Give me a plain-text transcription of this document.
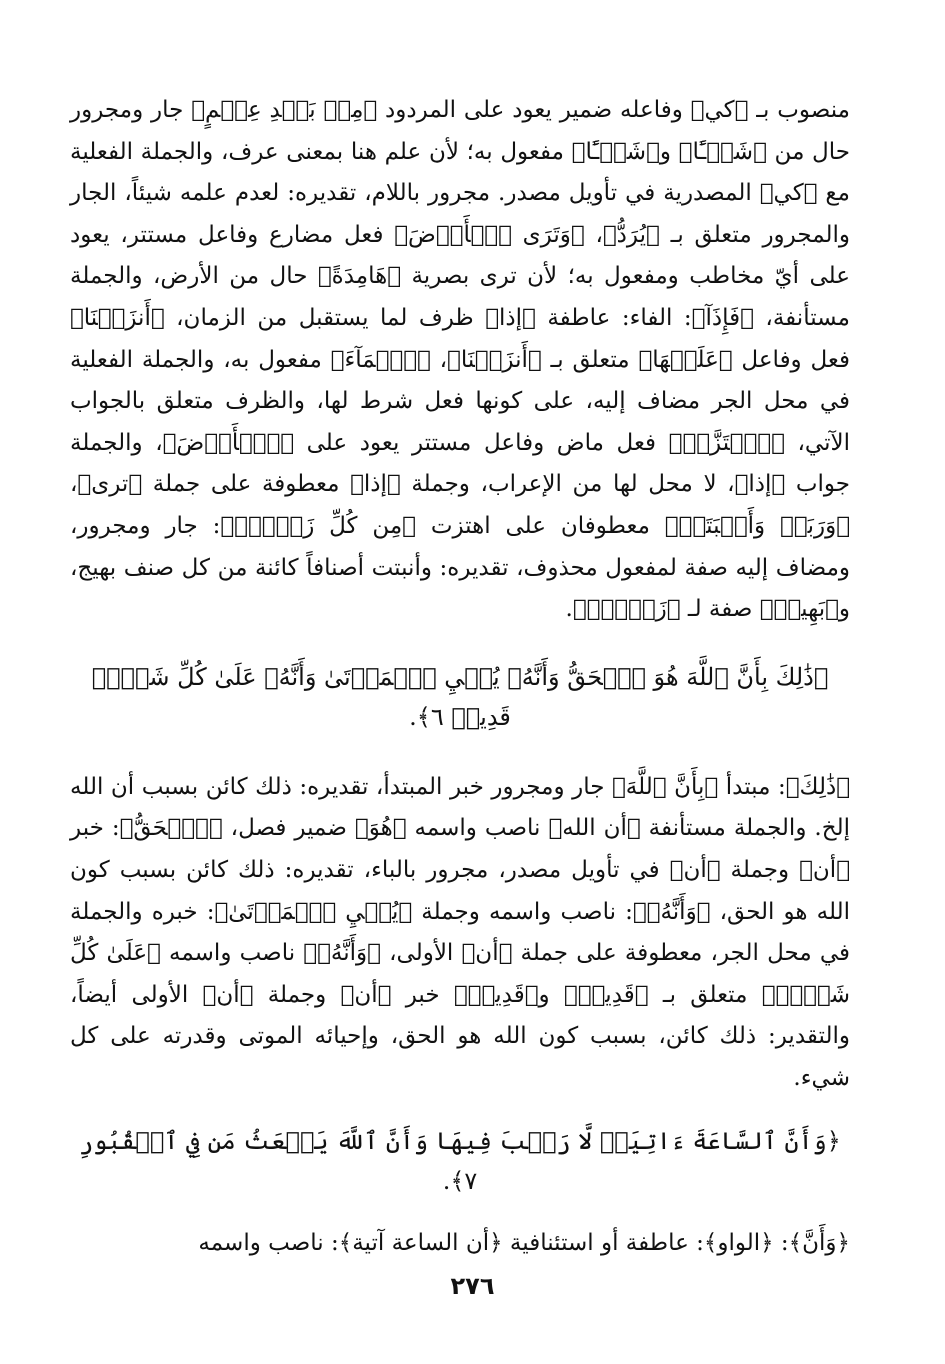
منصوب بـ ﴿كي﴾ وفاعله ضمير يعود على المردود ﴿مِنۢ بَعۡدِ عِلۡمٍ﴾ جار ومجرور حال من ﴿شَيۡـًٔا﴾ و﴿شَيۡـًٔا﴾ مفعول به؛ لأن علم هنا بمعنى عرف، والجملة الفعلية مع ﴿كي﴾ المصدرية في تأويل مصدر. مجرور باللام، تقديره: لعدم علمه شيئاً، الجار والمجرور متعلق بـ ﴿يُرَدُّ﴾، ﴿وَتَرَى ٱلۡأَرۡضَ﴾ فعل مضارع وفاعل مستتر، يعود على أيّ مخاطب ومفعول به؛ لأن ترى بصرية ﴿هَامِدَةً﴾ حال من الأرض، والجملة مستأنفة، ﴿فَإِذَآ﴾: الفاء: عاطفة ﴿إذا﴾ ظرف لما يستقبل من الزمان، ﴿أَنزَلۡنَا﴾ فعل وفاعل ﴿عَلَيۡهَا﴾ متعلق بـ ﴿أَنزَلۡنَا﴾، ﴿ٱلۡمَآءَ﴾ مفعول به، والجملة الفعلية في محل الجر مضاف إليه، على كونها فعل شرط لها، والظرف متعلق بالجواب الآتي، ﴿ٱهۡتَزَّتۡ﴾ فعل ماض وفاعل مستتر يعود على ﴿ٱلۡأَرۡضَ﴾، والجملة جواب ﴿إذا﴾، لا محل لها من الإعراب، وجملة ﴿إذا﴾ معطوفة على جملة ﴿ترى﴾، ﴿وَرَبَتۡ وَأَنۢبَتَتۡ﴾ معطوفان على اهتزت ﴿مِن كُلِّ زَوۡجِۭ﴾: جار ومجرور، ومضاف إليه صفة لمفعول محذوف، تقديره: وأنبتت أصنافاً كائنة من كل صنف بهيج، و﴿بَهِيجٖ﴾ صفة لـ ﴿زَوۡجِۭ﴾.

﴿ذَٰلِكَ بِأَنَّ ٱللَّهَ هُوَ ٱلۡحَقُّ وَأَنَّهُۥ يُحۡيِ ٱلۡمَوۡتَىٰ وَأَنَّهُۥ عَلَىٰ كُلِّ شَيۡءٖ قَدِيرٞ ٦﴾.

﴿ذَٰلِكَ﴾: مبتدأ ﴿بِأَنَّ ٱللَّهَ﴾ جار ومجرور خبر المبتدأ، تقديره: ذلك كائن بسبب أن الله إلخ. والجملة مستأنفة ﴿أن الله﴾ ناصب واسمه ﴿هُوَ﴾ ضمير فصل، ﴿ٱلۡحَقُّ﴾: خبر ﴿أن﴾ وجملة ﴿أن﴾ في تأويل مصدر، مجرور بالباء، تقديره: ذلك كائن بسبب كون الله هو الحق، ﴿وَأَنَّهُۥ﴾: ناصب واسمه وجملة ﴿يُحۡيِ ٱلۡمَوۡتَىٰ﴾: خبره والجملة في محل الجر، معطوفة على جملة ﴿أن﴾ الأولى، ﴿وَأَنَّهُۥ﴾ ناصب واسمه ﴿عَلَىٰ كُلِّ شَيۡءٖ﴾ متعلق بـ ﴿قَدِيرٞ﴾ و﴿قَدِيرٞ﴾ خبر ﴿أن﴾ وجملة ﴿أن﴾ الأولى أيضاً، والتقدير: ذلك كائن، بسبب كون الله هو الحق، وإحيائه الموتى وقدرته على كل شيء.

﴿وَأَنَّ ٱلسَّاعَةَ ءَاتِيَةٞ لَّا رَيۡبَ فِيهَا وَأَنَّ ٱللَّهَ يَبۡعَثُ مَن فِي ٱلۡقُبُورِ ٧﴾.

﴿وَأَنَّ﴾: ﴿الواو﴾: عاطفة أو استئنافية ﴿أن الساعة آتية﴾: ناصب واسمه

٢٧٦
